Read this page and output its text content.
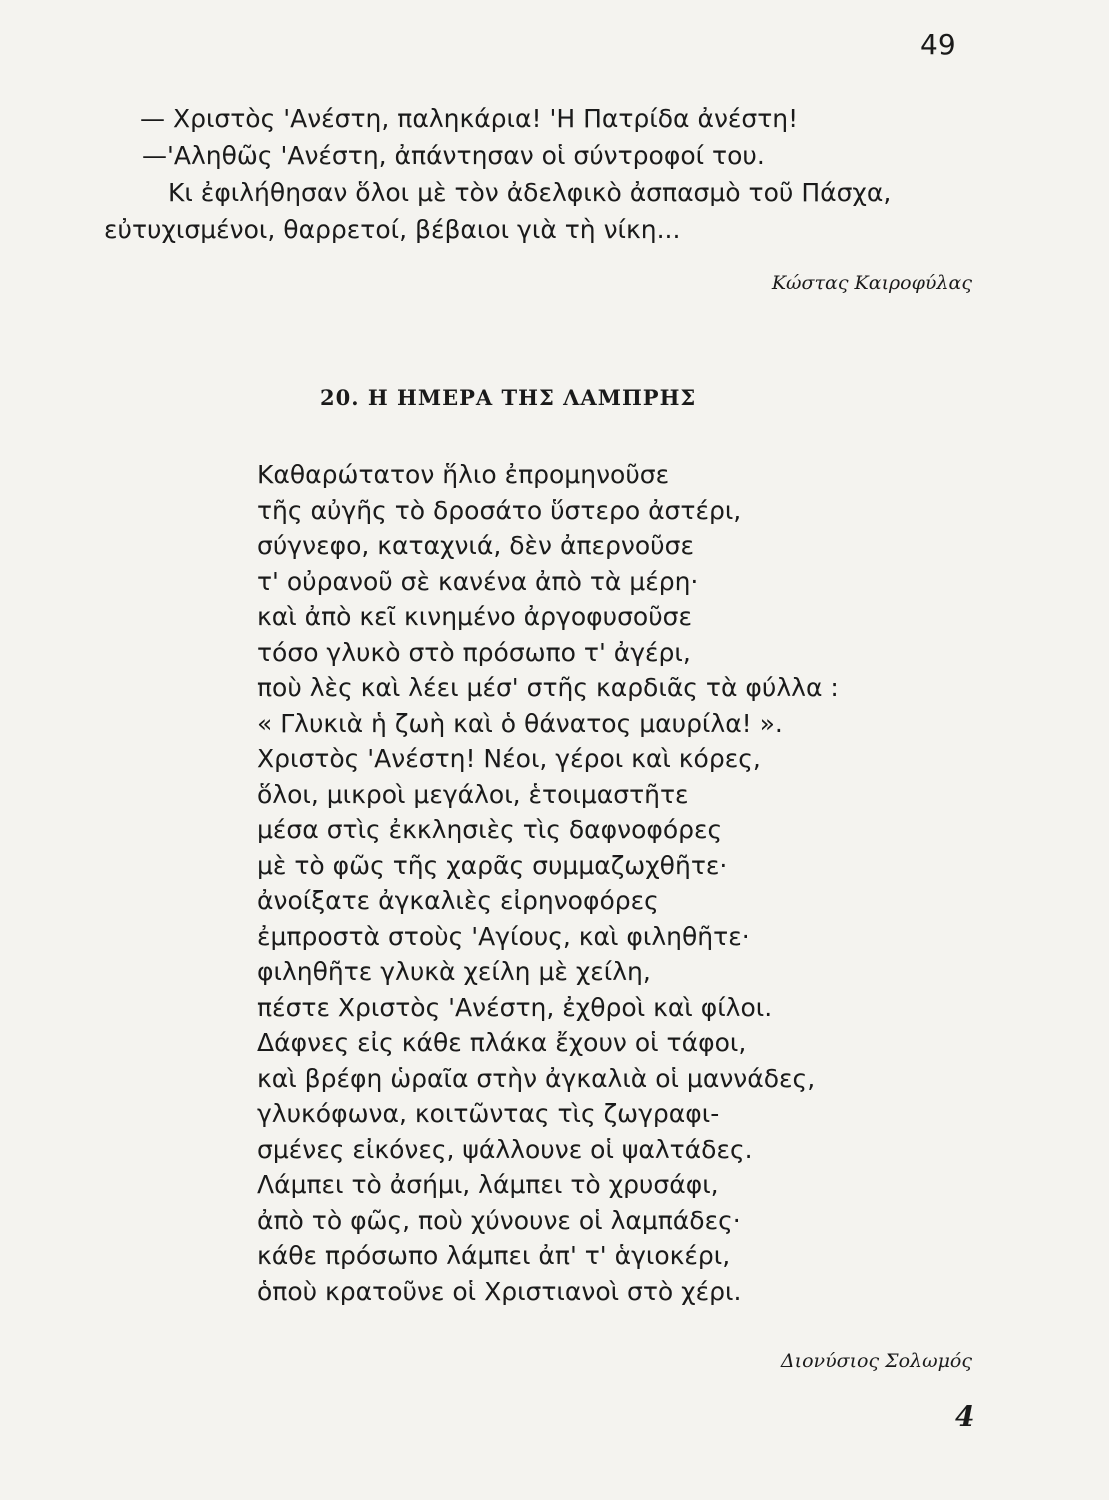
49
— Χριστὸς 'Ανέστη, παληκάρια! 'Η Πατρίδα ἀνέστη!
—'Αληθῶς 'Ανέστη, ἀπάντησαν οἱ σύντροφοί του.
Κι ἐφιλήθησαν ὅλοι μὲ τὸν ἀδελφικὸ ἀσπασμὸ τοῦ Πάσχα,
εὐτυχισμένοι, θαρρετοί, βέβαιοι γιὰ τὴ νίκη...
Κώστας Καιροφύλας
20. Η ΗΜΕΡΑ ΤΗΣ ΛΑΜΠΡΗΣ
Καθαρώτατον ἥλιο ἐπρομηνοῦσε
τῆς αὐγῆς τὸ δροσάτο ὕστερο ἀστέρι,
σύγνεφο, καταχνιά, δὲν ἀπερνοῦσε
τ' οὐρανοῦ σὲ κανένα ἀπὸ τὰ μέρη·
καὶ ἀπὸ κεῖ κινημένο ἀργοφυσοῦσε
τόσο γλυκὸ στὸ πρόσωπο τ' ἀγέρι,
ποὺ λὲς καὶ λέει μέσ' στῆς καρδιᾶς τὰ φύλλα :
« Γλυκιὰ ἡ ζωὴ καὶ ὁ θάνατος μαυρίλα! ».
Χριστὸς 'Ανέστη! Νέοι, γέροι καὶ κόρες,
ὅλοι, μικροὶ μεγάλοι, ἑτοιμαστῆτε
μέσα στὶς ἐκκλησιὲς τὶς δαφνοφόρες
μὲ τὸ φῶς τῆς χαρᾶς συμμαζωχθῆτε·
ἀνοίξατε ἀγκαλιὲς εἰρηνοφόρες
ἐμπροστὰ στοὺς 'Αγίους, καὶ φιληθῆτε·
φιληθῆτε γλυκὰ χείλη μὲ χείλη,
πέστε Χριστὸς 'Ανέστη, ἐχθροὶ καὶ φίλοι.
Δάφνες εἰς κάθε πλάκα ἔχουν οἱ τάφοι,
καὶ βρέφη ὡραῖα στὴν ἀγκαλιὰ οἱ μαννάδες,
γλυκόφωνα, κοιτῶντας τὶς ζωγραφι-
σμένες εἰκόνες, ψάλλουνε οἱ ψαλτάδες.
Λάμπει τὸ ἀσήμι, λάμπει τὸ χρυσάφι,
ἀπὸ τὸ φῶς, ποὺ χύνουνε οἱ λαμπάδες·
κάθε πρόσωπο λάμπει ἀπ' τ' ἁγιοκέρι,
ὁποὺ κρατοῦνε οἱ Χριστιανοὶ στὸ χέρι.
Διονύσιος Σολωμός
4
